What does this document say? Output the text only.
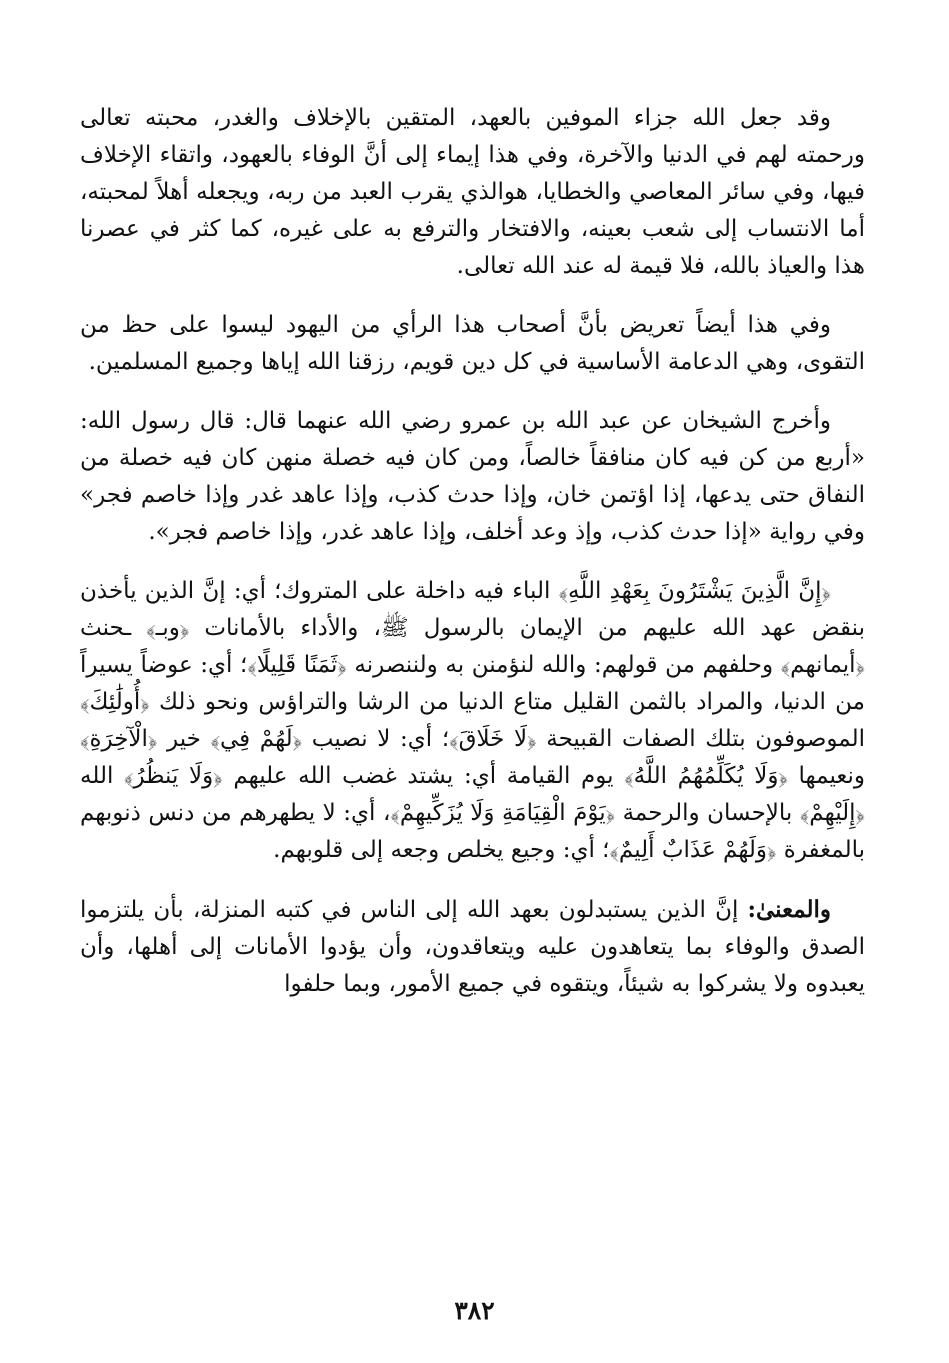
وقد جعل الله جزاء الموفين بالعهد، المتقين بالإخلاف والغدر، محبته تعالى ورحمته لهم في الدنيا والآخرة، وفي هذا إيماء إلى أنَّ الوفاء بالعهود، واتقاء الإخلاف فيها، وفي سائر المعاصي والخطايا، هوالذي يقرب العبد من ربه، ويجعله أهلاً لمحبته، أما الانتساب إلى شعب بعينه، والافتخار والترفع به على غيره، كما كثر في عصرنا هذا والعياذ بالله، فلا قيمة له عند الله تعالى.

وفي هذا أيضاً تعريض بأنَّ أصحاب هذا الرأي من اليهود ليسوا على حظ من التقوى، وهي الدعامة الأساسية في كل دين قويم، رزقنا الله إياها وجميع المسلمين.

وأخرج الشيخان عن عبد الله بن عمرو رضي الله عنهما قال: قال رسول الله: «أربع من كن فيه كان منافقاً خالصاً، ومن كان فيه خصلة منهن كان فيه خصلة من النفاق حتى يدعها، إذا اؤتمن خان، وإذا حدث كذب، وإذا عاهد غدر وإذا خاصم فجر» وفي رواية «إذا حدث كذب، وإذ وعد أخلف، وإذا عاهد غدر، وإذا خاصم فجر».

﴿إِنَّ الَّذِينَ يَشْتَرُونَ بِعَهْدِ اللَّهِ﴾ الباء فيه داخلة على المتروك؛ أي: إنَّ الذين يأخذن بنقض عهد الله عليهم من الإيمان بالرسول ﷺ، والأداء بالأمانات ﴿وبـ﴾ ـحنث ﴿أيمانهم﴾ وحلفهم من قولهم: والله لنؤمنن به ولننصرنه ﴿ثَمَنًا قَلِيلًا﴾؛ أي: عوضاً يسيراً من الدنيا، والمراد بالثمن القليل متاع الدنيا من الرشا والتراؤس ونحو ذلك ﴿أُولَٰئِكَ﴾ الموصوفون بتلك الصفات القبيحة ﴿لَا خَلَاقَ﴾؛ أي: لا نصيب ﴿لَهُمْ فِي﴾ خير ﴿الْآخِرَةِ﴾ ونعيمها ﴿وَلَا يُكَلِّمُهُمُ اللَّهُ﴾ يوم القيامة أي: يشتد غضب الله عليهم ﴿وَلَا يَنظُرُ﴾ الله ﴿إِلَيْهِمْ﴾ بالإحسان والرحمة ﴿يَوْمَ الْقِيَامَةِ وَلَا يُزَكِّيهِمْ﴾، أي: لا يطهرهم من دنس ذنوبهم بالمغفرة ﴿وَلَهُمْ عَذَابٌ أَلِيمٌ﴾؛ أي: وجيع يخلص وجعه إلى قلوبهم.

والمعنىٰ: إنَّ الذين يستبدلون بعهد الله إلى الناس في كتبه المنزلة، بأن يلتزموا الصدق والوفاء بما يتعاهدون عليه ويتعاقدون، وأن يؤدوا الأمانات إلى أهلها، وأن يعبدوه ولا يشركوا به شيئاً، ويتقوه في جميع الأمور، وبما حلفوا

٣٨٢
